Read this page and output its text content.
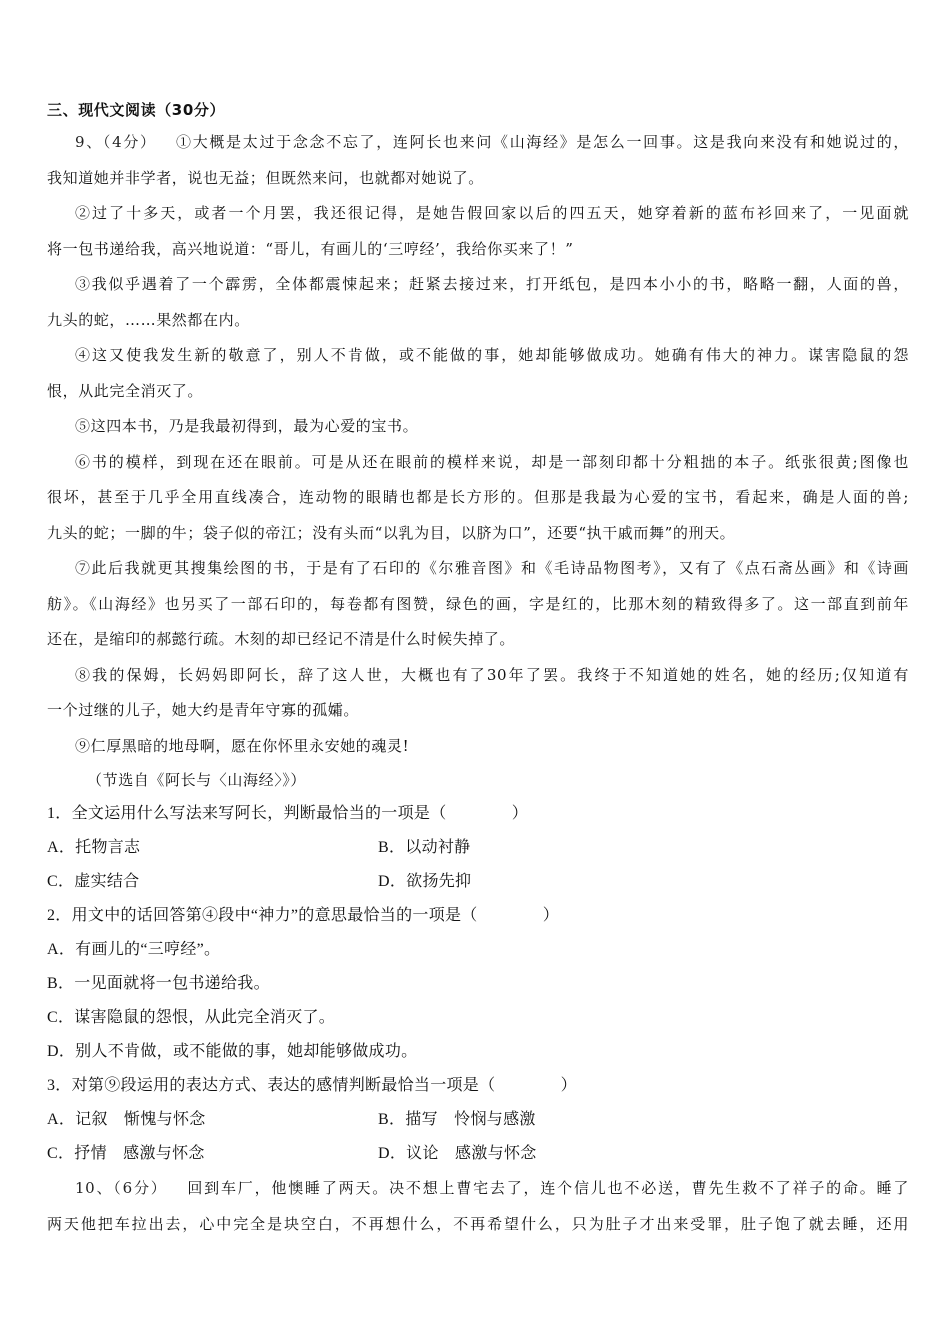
三、现代文阅读（30分）

9、（4分） ①大概是太过于念念不忘了，连阿长也来问《山海经》是怎么一回事。这是我向来没有和她说过的，

我知道她并非学者，说也无益；但既然来问，也就都对她说了。

②过了十多天，或者一个月罢，我还很记得，是她告假回家以后的四五天，她穿着新的蓝布衫回来了，一见面就

将一包书递给我，高兴地说道：“哥儿，有画儿的‘三哼经’，我给你买来了！”

③我似乎遇着了一个霹雳，全体都震悚起来；赶紧去接过来，打开纸包，是四本小小的书，略略一翻，人面的兽，

九头的蛇，……果然都在内。

④这又使我发生新的敬意了，别人不肯做，或不能做的事，她却能够做成功。她确有伟大的神力。谋害隐鼠的怨

恨，从此完全消灭了。

⑤这四本书，乃是我最初得到，最为心爱的宝书。

⑥书的模样，到现在还在眼前。可是从还在眼前的模样来说，却是一部刻印都十分粗拙的本子。纸张很黄;图像也

很坏，甚至于几乎全用直线凑合，连动物的眼睛也都是长方形的。但那是我最为心爱的宝书，看起来，确是人面的兽;

九头的蛇；一脚的牛；袋子似的帝江；没有头而“以乳为目，以脐为口”，还要“执干戚而舞”的刑天。

⑦此后我就更其搜集绘图的书，于是有了石印的《尔雅音图》和《毛诗品物图考》，又有了《点石斋丛画》和《诗画

舫》。《山海经》也另买了一部石印的，每卷都有图赞，绿色的画，字是红的，比那木刻的精致得多了。这一部直到前年

还在，是缩印的郝懿行疏。木刻的却已经记不清是什么时候失掉了。

⑧我的保姆，长妈妈即阿长，辞了这人世，大概也有了30年了罢。我终于不知道她的姓名，她的经历;仅知道有

一个过继的儿子，她大约是青年守寡的孤孀。

⑨仁厚黑暗的地母啊，愿在你怀里永安她的魂灵!

（节选自《阿长与〈山海经〉》）

1．全文运用什么写法来写阿长，判断最恰当的一项是（　　　　）

A．托物言志	B．以动衬静

C．虚实结合	D．欲扬先抑

2．用文中的话回答第④段中“神力”的意思最恰当的一项是（　　　　）

A．有画儿的“三哼经”。

B．一见面就将一包书递给我。

C．谋害隐鼠的怨恨，从此完全消灭了。

D．别人不肯做，或不能做的事，她却能够做成功。

3．对第⑨段运用的表达方式、表达的感情判断最恰当一项是（　　　　）

A．记叙　惭愧与怀念	B．描写　怜悯与感激

C．抒情　感激与怀念	D．议论　感激与怀念

10、（6分） 回到车厂，他懊睡了两天。决不想上曹宅去了，连个信儿也不必送，曹先生救不了祥子的命。睡了

两天他把车拉出去，心中完全是块空白，不再想什么，不再希望什么，只为肚子才出来受罪，肚子饱了就去睡，还用
